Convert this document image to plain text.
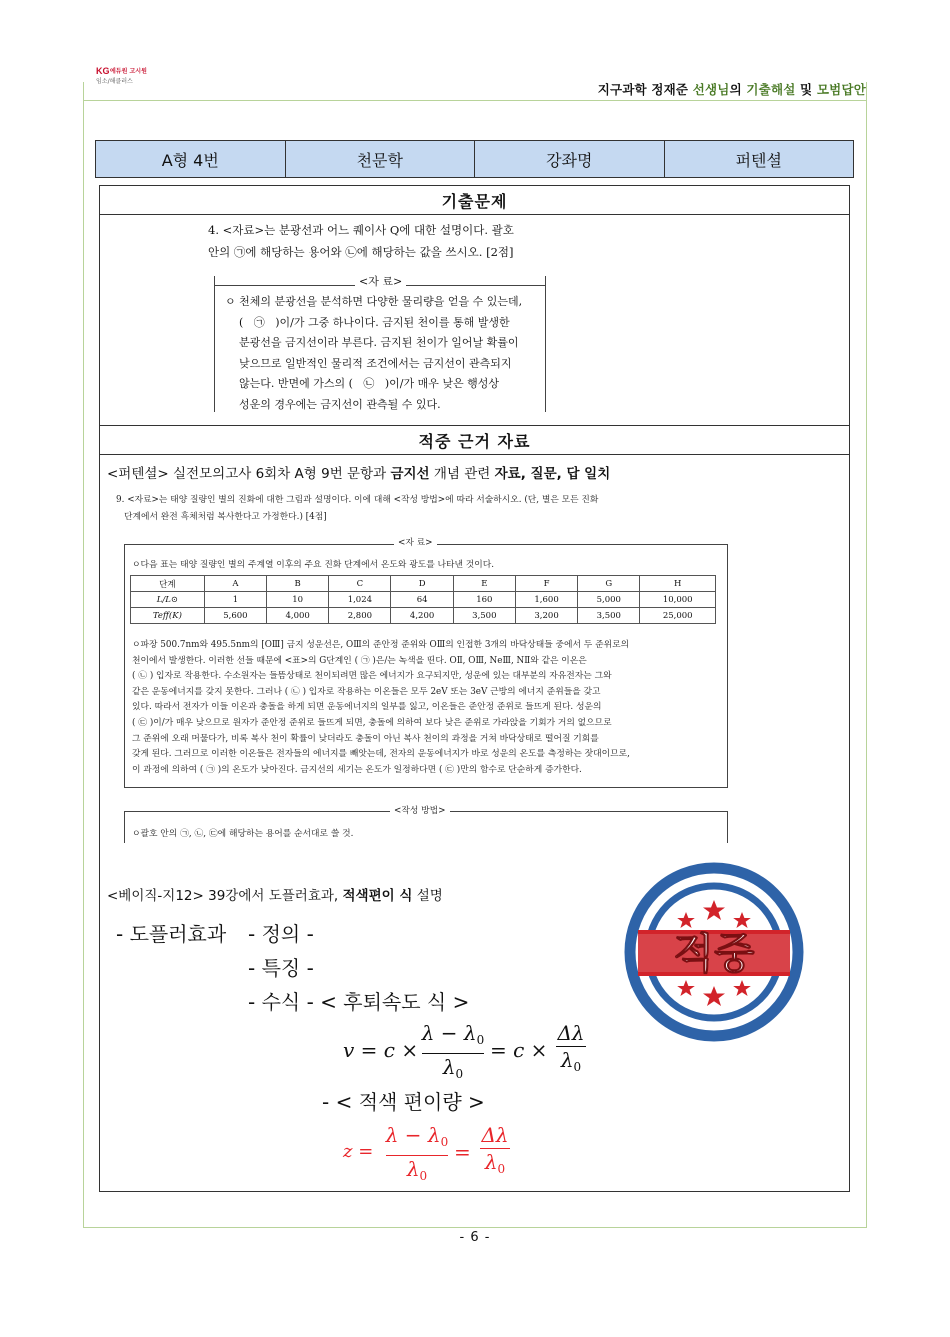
KG 에듀원 고시원
임소/해클러스
지구과학 정재준 선생님의 기출해설 및 모범답안
A형 4번	천문학	강좌명	퍼텐셜
기출문제
적중 근거 자료
<퍼텐셜> 실전모의고사 6회차 A형 9번 문항과 금지선 개념 관련 자료, 질문, 답 일치
9. <자료>는 태양 질량인 별의 진화에 대한 그림과 설명이다. 이에 대해 <작성 방법>에 따라 서술하시오. (단, 별은 모든 진화
단계에서 완전 흑체처럼 복사한다고 가정한다.) [4점]
<자 료>
ㅇ다음 표는 태양 질량인 별의 주계열 이후의 주요 진화 단계에서 온도와 광도를 나타낸 것이다.
단계	A	B	C	D	E	F	G	H
L/L⊙	1	10	1,024	64	160	1,600	5,000	10,000
Teff(K)	5,600	4,000	2,800	4,200	3,500	3,200	3,500	25,000
ㅇ파장 500.7nm와 495.5nm의 [OⅢ] 금지 성운선은, OⅢ의 준안정 준위와 OⅢ의 인접한 3개의 바닥상태들 중에서 두 준위로의
천이에서 발생한다. 이러한 선들 때문에 <표>의 G단계인 ( ㉠ )은/는 녹색을 띤다. OⅡ, OⅢ, NeⅢ, NⅡ와 같은 이온은
( ㉡ ) 입자로 작용한다. 수소원자는 들뜸상태로 천이되려면 많은 에너지가 요구되지만, 성운에 있는 대부분의 자유전자는 그와
같은 운동에너지를 갖지 못한다. 그러나 ( ㉡ ) 입자로 작용하는 이온들은 모두 2eV 또는 3eV 근방의 에너지 준위들을 갖고
있다. 따라서 전자가 이들 이온과 충돌을 하게 되면 운동에너지의 일부를 잃고, 이온들은 준안정 준위로 들뜨게 된다. 성운의
( ㉢ )이/가 매우 낮으므로 원자가 준안정 준위로 들뜨게 되면, 충돌에 의하여 보다 낮은 준위로 가라앉을 기회가 거의 없으므로
그 준위에 오래 머물다가, 비록 복사 천이 확률이 낮더라도 충돌이 아닌 복사 천이의 과정을 거쳐 바닥상태로 떨어질 기회를
갖게 된다. 그러므로 이러한 이온들은 전자들의 에너지를 빼앗는데, 전자의 운동에너지가 바로 성운의 온도를 측정하는 잣대이므로,
이 과정에 의하여 ( ㉠ )의 온도가 낮아진다. 금지선의 세기는 온도가 일정하다면 ( ㉢ )만의 함수로 단순하게 증가한다.
<작성 방법>
ㅇ괄호 안의 ㉠, ㉡, ㉢에 해당하는 용어를 순서대로 쓸 것.
<베이직-지12> 39강에서 도플러효과, 적색편이 식 설명
- 도플러효과 - 정의 -
- 특징 -
- 수식 - < 후퇴속도 식 >
v = c ×
$\lambda - \lambda_0$
$\lambda_0$
= c ×
Δλ
$\lambda_0$
- < 적색 편이량 >
z =
$\lambda - \lambda_0$
$\lambda_0$
=
Δλ
$\lambda_0$
적중
4. <자료>는 분광선과 어느 퀘이사 Q에 대한 설명이다. 괄호
안의 ㉠에 해당하는 용어와 ㉡에 해당하는 값을 쓰시오. [2점]
<자 료>
ㅇ 천체의 분광선을 분석하면 다양한 물리량을 얻을 수 있는데,
(   ㉠   )이/가 그중 하나이다. 금지된 천이를 통해 발생한
분광선을 금지선이라 부른다. 금지된 천이가 일어날 확률이
낮으므로 일반적인 물리적 조건에서는 금지선이 관측되지
않는다. 반면에 가스의 (   ㉡   )이/가 매우 낮은 행성상
성운의 경우에는 금지선이 관측될 수 있다.
- 6 -
